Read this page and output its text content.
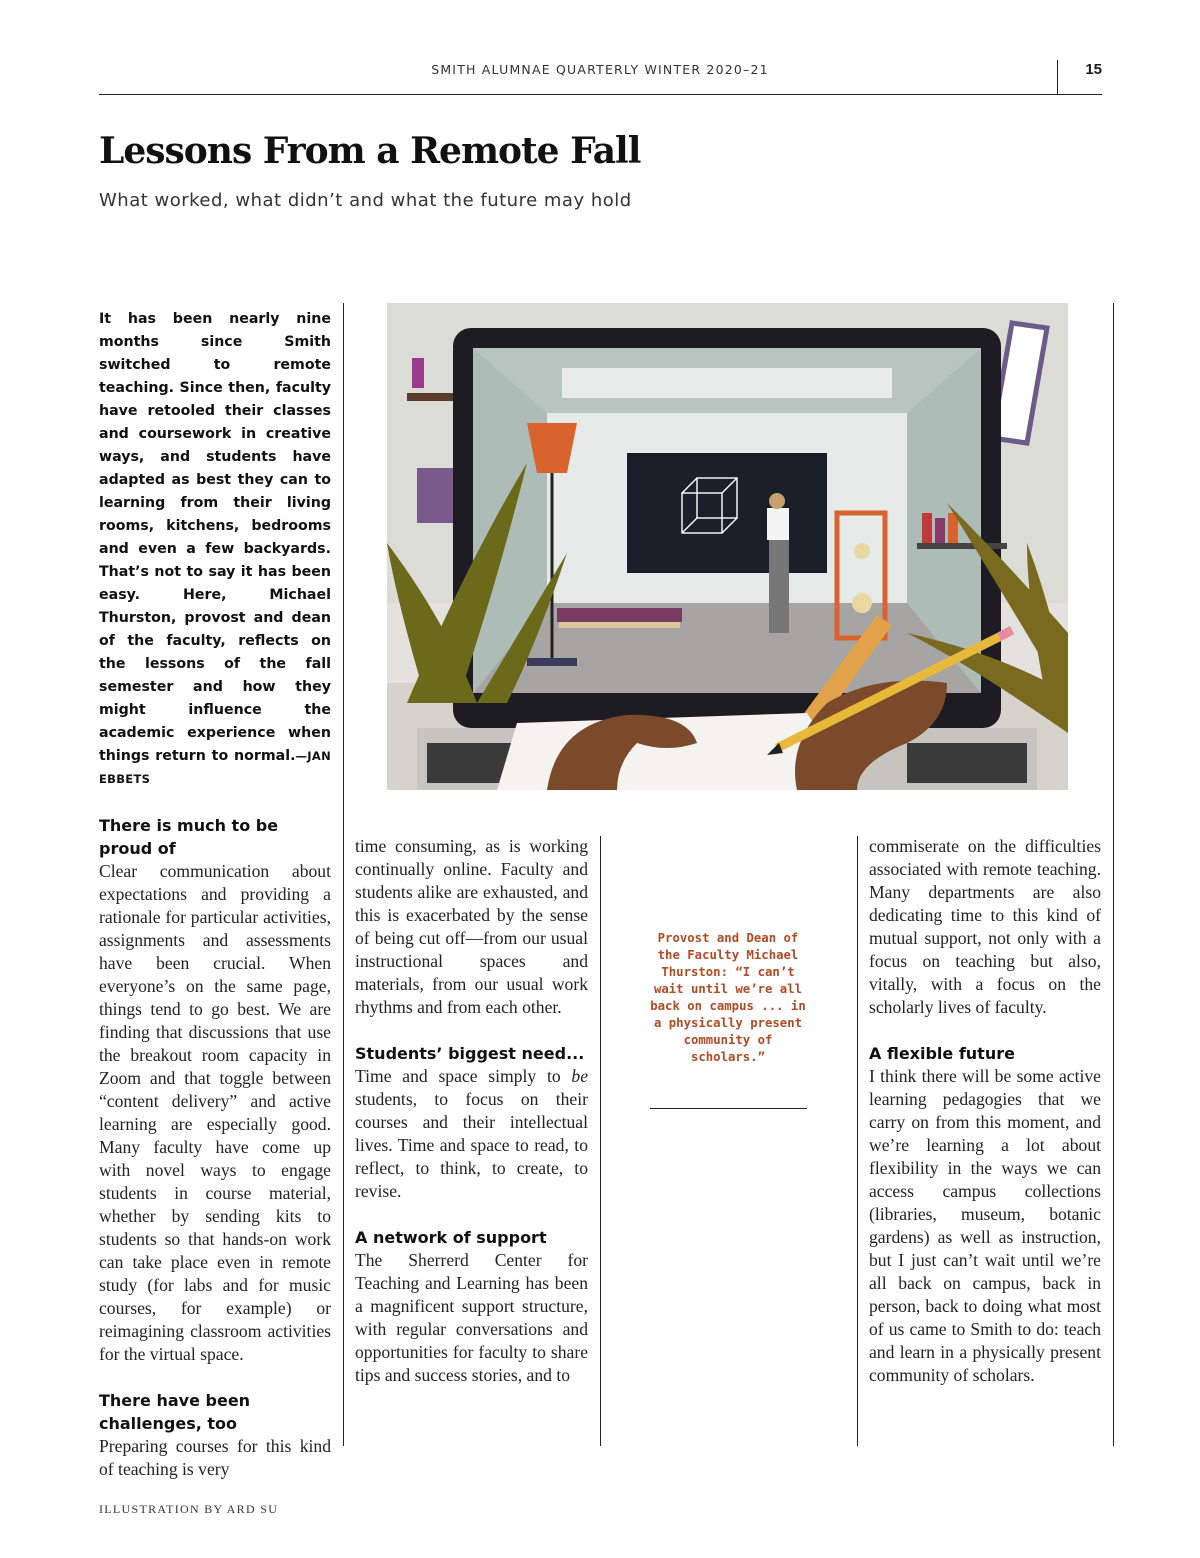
SMITH ALUMNAE QUARTERLY WINTER 2020–21	15
Lessons From a Remote Fall
What worked, what didn’t and what the future may hold
It has been nearly nine months since Smith switched to remote teaching. Since then, faculty have retooled their classes and coursework in creative ways, and students have adapted as best they can to learning from their living rooms, kitchens, bedrooms and even a few backyards. That’s not to say it has been easy. Here, Michael Thurston, provost and dean of the faculty, reflects on the lessons of the fall semester and how they might influence the academic experience when things return to normal.—JAN EBBETS
There is much to be proud of
Clear communication about expectations and providing a rationale for particular activities, assignments and assessments have been crucial. When everyone’s on the same page, things tend to go best. We are finding that discussions that use the breakout room capacity in Zoom and that toggle between “content delivery” and active learning are especially good. Many faculty have come up with novel ways to engage students in course material, whether by sending kits to students so that hands-on work can take place even in remote study (for labs and for music courses, for example) or reimagining classroom activities for the virtual space.
There have been challenges, too
Preparing courses for this kind of teaching is very
time consuming, as is working continually online. Faculty and students alike are exhausted, and this is exacerbated by the sense of being cut off—from our usual instructional spaces and materials, from our usual work rhythms and from each other.
Students’ biggest need...
Time and space simply to be students, to focus on their courses and their intellectual lives. Time and space to read, to reflect, to think, to create, to revise.
A network of support
The Sherrerd Center for Teaching and Learning has been a magnificent support structure, with regular conversations and opportunities for faculty to share tips and success stories, and to
Provost and Dean of the Faculty Michael Thurston: “I can’t wait until we’re all back on campus ... in a physically present community of scholars.”
commiserate on the difficulties associated with remote teaching. Many departments are also dedicating time to this kind of mutual support, not only with a focus on teaching but also, vitally, with a focus on the scholarly lives of faculty.
A flexible future
I think there will be some active learning pedagogies that we carry on from this moment, and we’re learning a lot about flexibility in the ways we can access campus collections (libraries, museum, botanic gardens) as well as instruction, but I just can’t wait until we’re all back on campus, back in person, back to doing what most of us came to Smith to do: teach and learn in a physically present community of scholars.
ILLUSTRATION BY ARD SU
